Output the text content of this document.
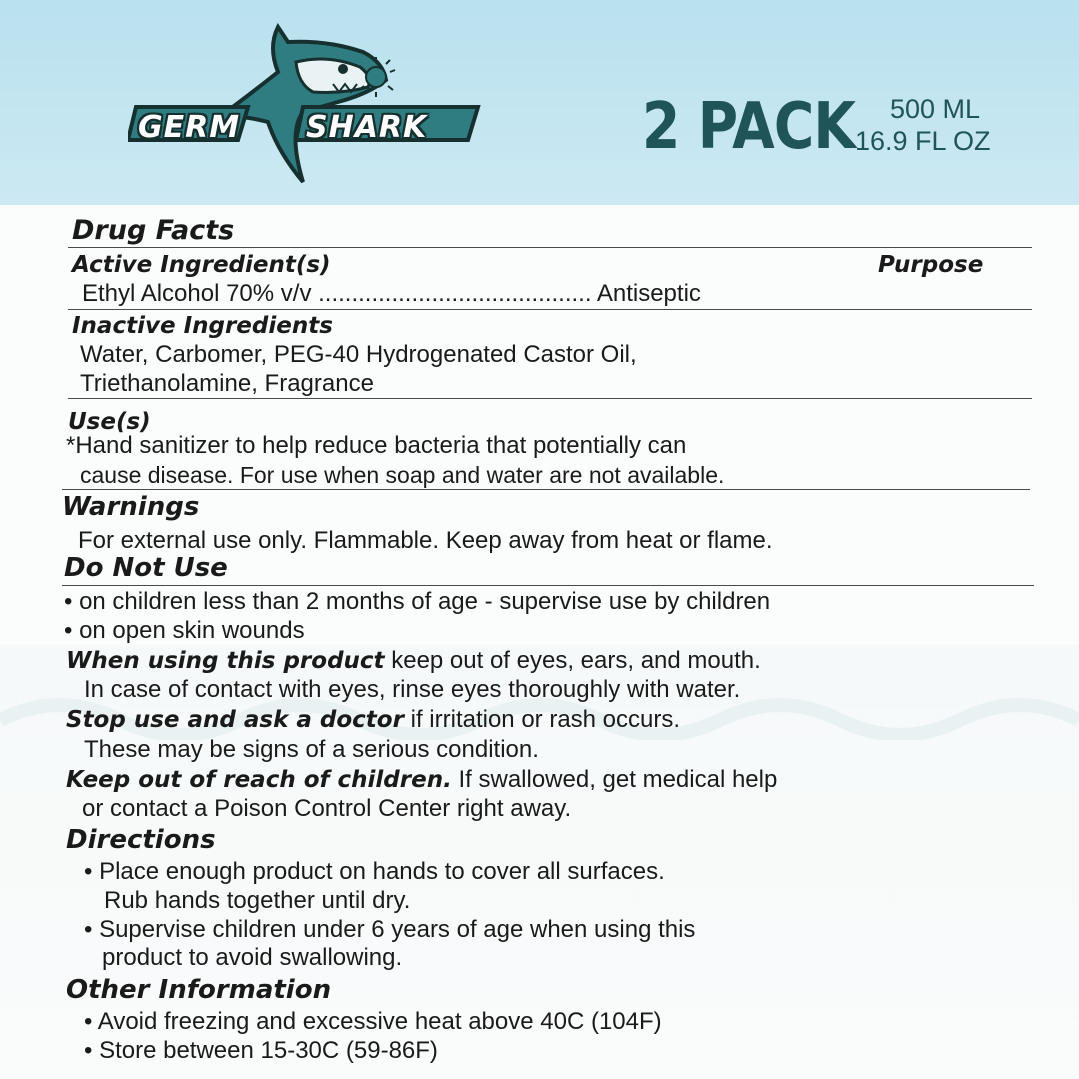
GERM SHARK	2 PACK 500 ML
16.9 FL OZ
Drug Facts
Active Ingredient(s)	Purpose
Ethyl Alcohol 70% v/v ......................................... Antiseptic
Inactive Ingredients
Water, Carbomer, PEG-40 Hydrogenated Castor Oil,
Triethanolamine, Fragrance
Use(s)
*Hand sanitizer to help reduce bacteria that potentially can
cause disease. For use when soap and water are not available.
Warnings
For external use only. Flammable. Keep away from heat or flame.
Do Not Use
• on children less than 2 months of age - supervise use by children
• on open skin wounds
When using this product keep out of eyes, ears, and mouth.
In case of contact with eyes, rinse eyes thoroughly with water.
Stop use and ask a doctor if irritation or rash occurs.
These may be signs of a serious condition.
Keep out of reach of children. If swallowed, get medical help
or contact a Poison Control Center right away.
Directions
• Place enough product on hands to cover all surfaces.
Rub hands together until dry.
• Supervise children under 6 years of age when using this
product to avoid swallowing.
Other Information
• Avoid freezing and excessive heat above 40C (104F)
• Store between 15-30C (59-86F)
